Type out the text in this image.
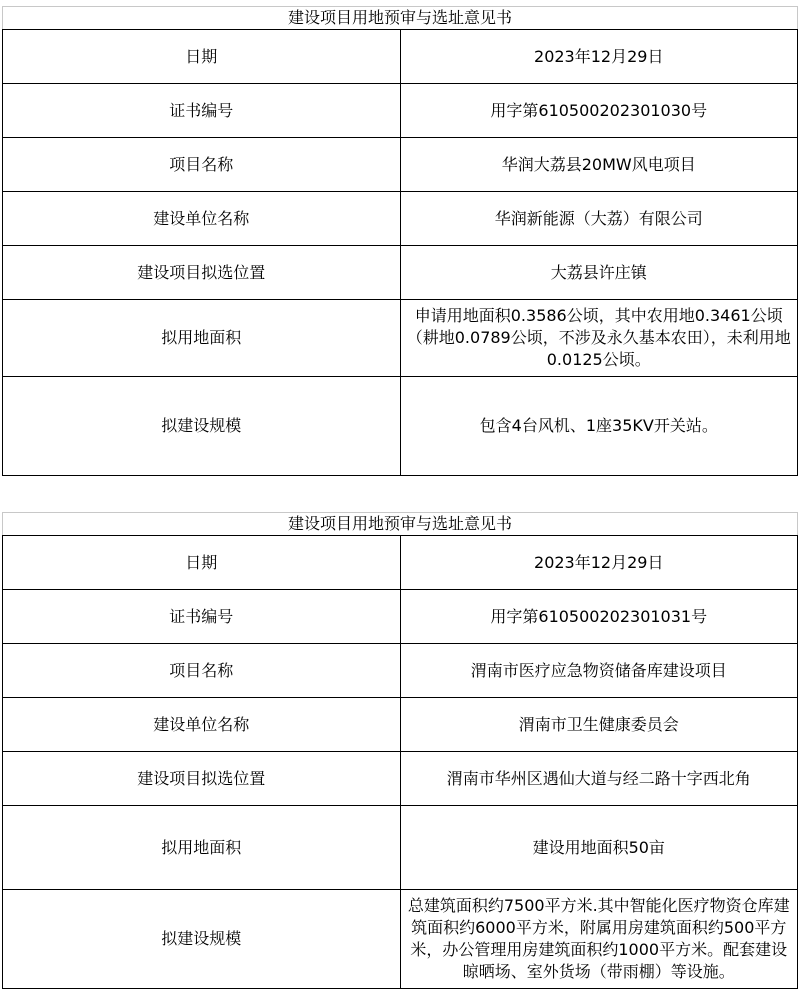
建设项目用地预审与选址意见书	
日期	2023年12月29日
证书编号	用字第610500202301030号
项目名称	华润大荔县20MW风电项目
建设单位名称	华润新能源（大荔）有限公司
建设项目拟选位置	大荔县许庄镇
拟用地面积	申请用地面积0.3586公顷，其中农用地0.3461公顷（耕地0.0789公顷，不涉及永久基本农田），未利用地0.0125公顷。
拟建设规模	包含4台风机、1座35KV开关站。
建设项目用地预审与选址意见书	
日期	2023年12月29日
证书编号	用字第610500202301031号
项目名称	渭南市医疗应急物资储备库建设项目
建设单位名称	渭南市卫生健康委员会
建设项目拟选位置	渭南市华州区遇仙大道与经二路十字西北角
拟用地面积	建设用地面积50亩
拟建设规模	总建筑面积约7500平方米.其中智能化医疗物资仓库建筑面积约6000平方米，附属用房建筑面积约500平方米，办公管理用房建筑面积约1000平方米。配套建设晾晒场、室外货场（带雨棚）等设施。
